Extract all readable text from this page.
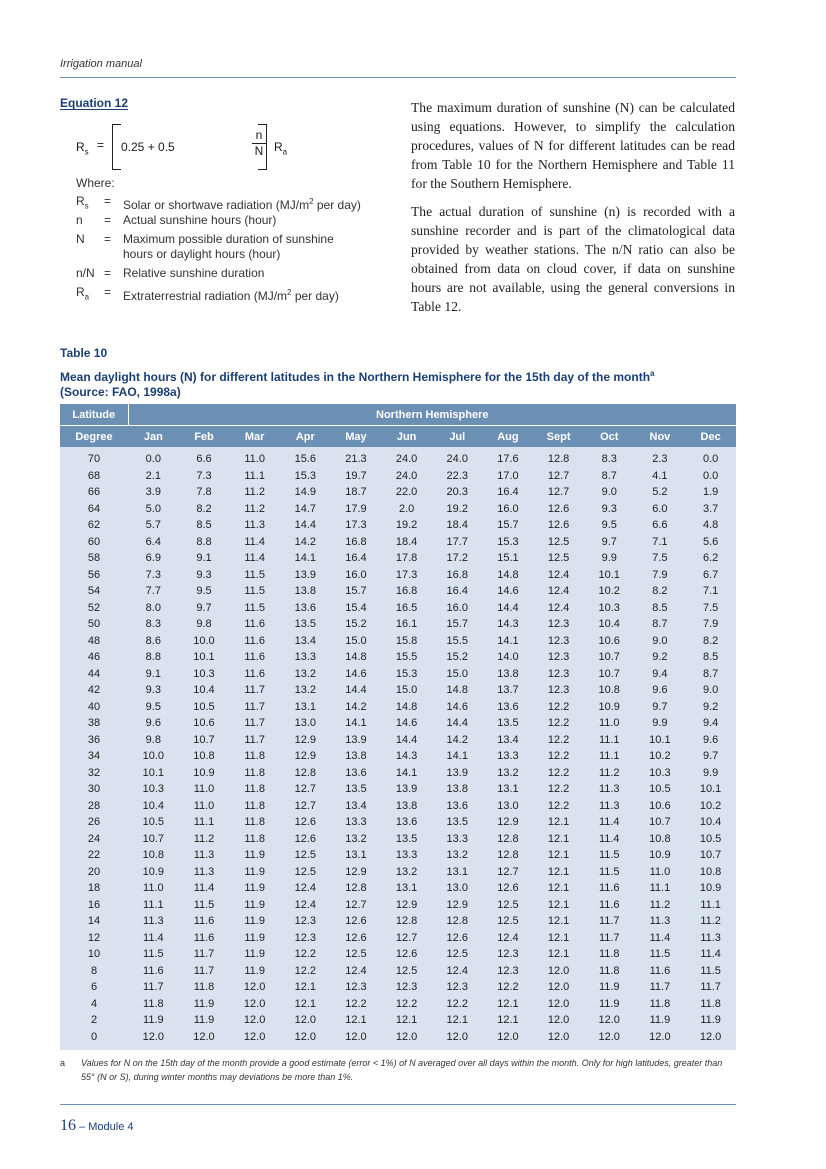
Irrigation manual
Equation 12
$R_s = 0.25 + 0.5$	$\frac{n}{N} R_a$
Where:
$R_s$ = Solar or shortwave radiation ($MJ/m^2$ per day)
n = Actual sunshine hours (hour)
N = Maximum possible duration of sunshine hours or daylight hours (hour)
n/N = Relative sunshine duration
$R_a$ = Extraterrestrial radiation ($MJ/m^2$ per day)

The maximum duration of sunshine (N) can be calculated using equations. However, to simplify the calculation procedures, values of N for different latitudes can be read from Table 10 for the Northern Hemisphere and Table 11 for the Southern Hemisphere.

The actual duration of sunshine (n) is recorded with a sunshine recorder and is part of the climatological data provided by weather stations. The n/N ratio can also be obtained from data on cloud cover, if data on sunshine hours are not available, using the general conversions in Table 12.

Table 10
Mean daylight hours (N) for different latitudes in the Northern Hemisphere for the 15th day of the month$^a$
(Source: FAO, 1998a)
Latitude	Northern Hemisphere											
Degree	Jan	Feb	Mar	Apr	May	Jun	Jul	Aug	Sept	Oct	Nov	Dec
70	0.0	6.6	11.0	15.6	21.3	24.0	24.0	17.6	12.8	8.3	2.3	0.0
68	2.1	7.3	11.1	15.3	19.7	24.0	22.3	17.0	12.7	8.7	4.1	0.0
66	3.9	7.8	11.2	14.9	18.7	22.0	20.3	16.4	12.7	9.0	5.2	1.9
64	5.0	8.2	11.2	14.7	17.9	2.0	19.2	16.0	12.6	9.3	6.0	3.7
62	5.7	8.5	11.3	14.4	17.3	19.2	18.4	15.7	12.6	9.5	6.6	4.8
60	6.4	8.8	11.4	14.2	16.8	18.4	17.7	15.3	12.5	9.7	7.1	5.6
58	6.9	9.1	11.4	14.1	16.4	17.8	17.2	15.1	12.5	9.9	7.5	6.2
56	7.3	9.3	11.5	13.9	16.0	17.3	16.8	14.8	12.4	10.1	7.9	6.7
54	7.7	9.5	11.5	13.8	15.7	16.8	16.4	14.6	12.4	10.2	8.2	7.1
52	8.0	9.7	11.5	13.6	15.4	16.5	16.0	14.4	12.4	10.3	8.5	7.5
50	8.3	9.8	11.6	13.5	15.2	16.1	15.7	14.3	12.3	10.4	8.7	7.9
48	8.6	10.0	11.6	13.4	15.0	15.8	15.5	14.1	12.3	10.6	9.0	8.2
46	8.8	10.1	11.6	13.3	14.8	15.5	15.2	14.0	12.3	10.7	9.2	8.5
44	9.1	10.3	11.6	13.2	14.6	15.3	15.0	13.8	12.3	10.7	9.4	8.7
42	9.3	10.4	11.7	13.2	14.4	15.0	14.8	13.7	12.3	10.8	9.6	9.0
40	9.5	10.5	11.7	13.1	14.2	14.8	14.6	13.6	12.2	10.9	9.7	9.2
38	9.6	10.6	11.7	13.0	14.1	14.6	14.4	13.5	12.2	11.0	9.9	9.4
36	9.8	10.7	11.7	12.9	13.9	14.4	14.2	13.4	12.2	11.1	10.1	9.6
34	10.0	10.8	11.8	12.9	13.8	14.3	14.1	13.3	12.2	11.1	10.2	9.7
32	10.1	10.9	11.8	12.8	13.6	14.1	13.9	13.2	12.2	11.2	10.3	9.9
30	10.3	11.0	11.8	12.7	13.5	13.9	13.8	13.1	12.2	11.3	10.5	10.1
28	10.4	11.0	11.8	12.7	13.4	13.8	13.6	13.0	12.2	11.3	10.6	10.2
26	10.5	11.1	11.8	12.6	13.3	13.6	13.5	12.9	12.1	11.4	10.7	10.4
24	10.7	11.2	11.8	12.6	13.2	13.5	13.3	12.8	12.1	11.4	10.8	10.5
22	10.8	11.3	11.9	12.5	13.1	13.3	13.2	12.8	12.1	11.5	10.9	10.7
20	10.9	11.3	11.9	12.5	12.9	13.2	13.1	12.7	12.1	11.5	11.0	10.8
18	11.0	11.4	11.9	12.4	12.8	13.1	13.0	12.6	12.1	11.6	11.1	10.9
16	11.1	11.5	11.9	12.4	12.7	12.9	12.9	12.5	12.1	11.6	11.2	11.1
14	11.3	11.6	11.9	12.3	12.6	12.8	12.8	12.5	12.1	11.7	11.3	11.2
12	11.4	11.6	11.9	12.3	12.6	12.7	12.6	12.4	12.1	11.7	11.4	11.3
10	11.5	11.7	11.9	12.2	12.5	12.6	12.5	12.3	12.1	11.8	11.5	11.4
8	11.6	11.7	11.9	12.2	12.4	12.5	12.4	12.3	12.0	11.8	11.6	11.5
6	11.7	11.8	12.0	12.1	12.3	12.3	12.3	12.2	12.0	11.9	11.7	11.7
4	11.8	11.9	12.0	12.1	12.2	12.2	12.2	12.1	12.0	11.9	11.8	11.8
2	11.9	11.9	12.0	12.0	12.1	12.1	12.1	12.1	12.0	12.0	11.9	11.9
0	12.0	12.0	12.0	12.0	12.0	12.0	12.0	12.0	12.0	12.0	12.0	12.0
a Values for N on the 15th day of the month provide a good estimate (error < 1%) of N averaged over all days within the month. Only for high latitudes, greater than 55° (N or S), during winter months may deviations be more than 1%.
16 – Module 4
